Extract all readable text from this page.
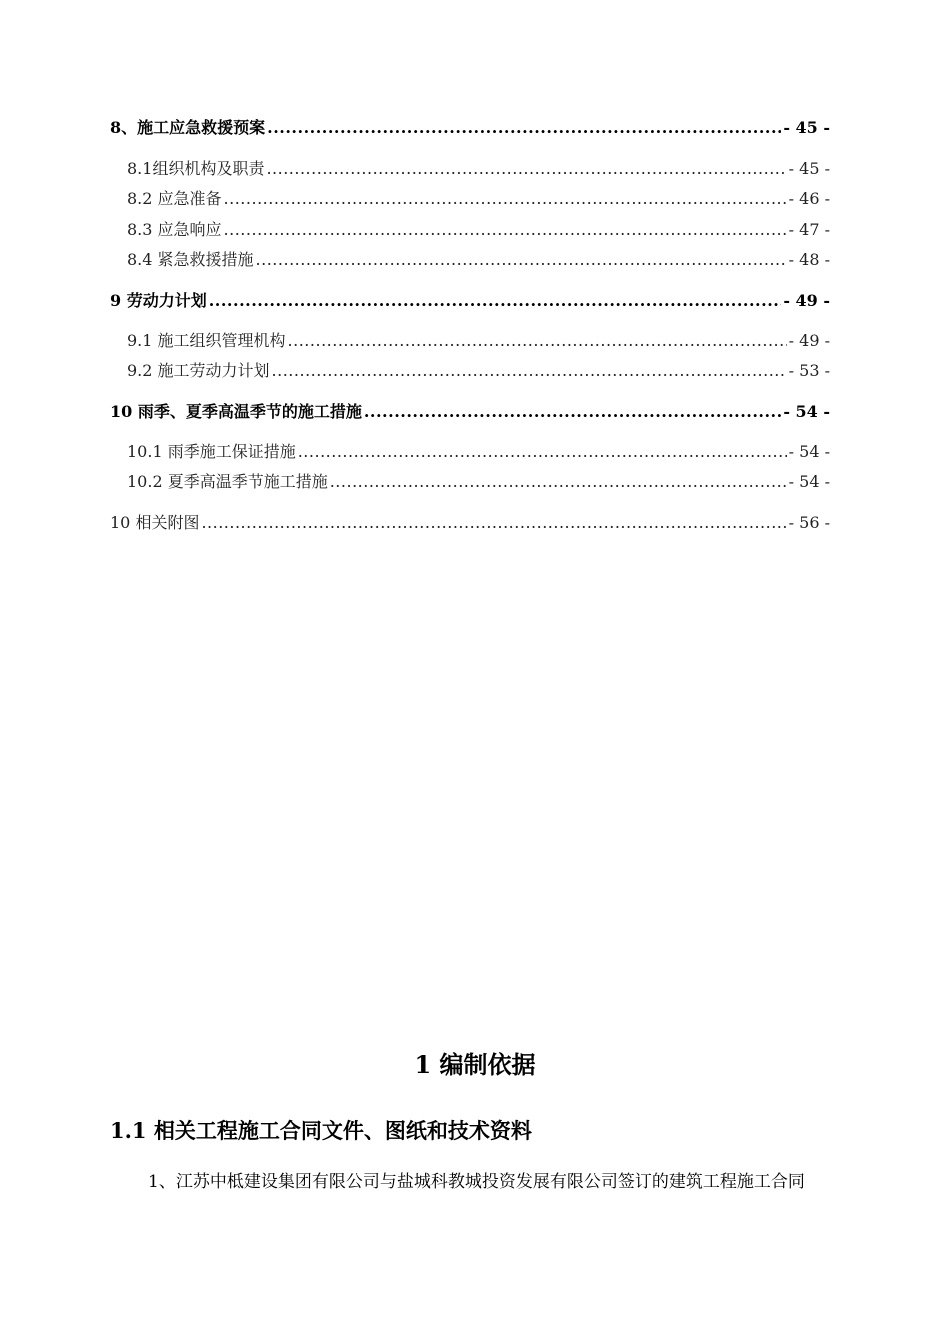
8、施工应急救援预案 .....	- 45 -
8.1组织机构及职责 .....	- 45 -
8.2 应急准备 .....	- 46 -
8.3 应急响应 .....	- 47 -
8.4 紧急救援措施 .....	- 48 -
9 劳动力计划 .....	- 49 -
9.1 施工组织管理机构 .....	- 49 -
9.2 施工劳动力计划 .....	- 53 -
10 雨季、夏季高温季节的施工措施 .....	- 54 -
10.1 雨季施工保证措施 .....	- 54 -
10.2 夏季高温季节施工措施 .....	- 54 -
10 相关附图 .....	- 56 -
1 编制依据
1.1 相关工程施工合同文件、图纸和技术资料

1、江苏中柢建设集团有限公司与盐城科教城投资发展有限公司签订的建筑工程施工合同
